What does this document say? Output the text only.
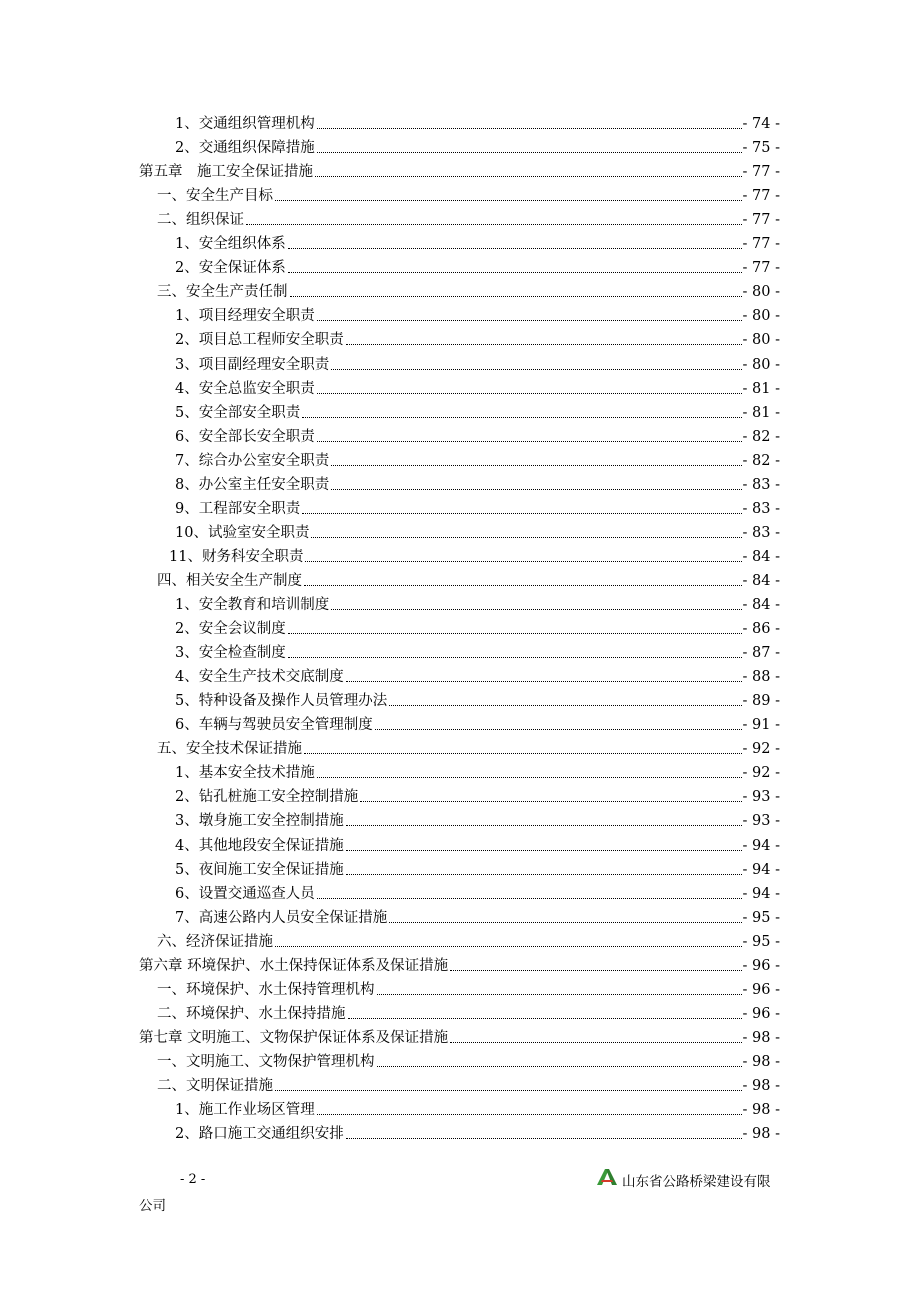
1、交通组织管理机构	- 74 -
2、交通组织保障措施	- 75 -
第五章　施工安全保证措施	- 77 -
一、安全生产目标	- 77 -
二、组织保证	- 77 -
1、安全组织体系	- 77 -
2、安全保证体系	- 77 -
三、安全生产责任制	- 80 -
1、项目经理安全职责	- 80 -
2、项目总工程师安全职责	- 80 -
3、项目副经理安全职责	- 80 -
4、安全总监安全职责	- 81 -
5、安全部安全职责	- 81 -
6、安全部长安全职责	- 82 -
7、综合办公室安全职责	- 82 -
8、办公室主任安全职责	- 83 -
9、工程部安全职责	- 83 -
10、试验室安全职责	- 83 -
11、财务科安全职责	- 84 -
四、相关安全生产制度	- 84 -
1、安全教育和培训制度	- 84 -
2、安全会议制度	- 86 -
3、安全检查制度	- 87 -
4、安全生产技术交底制度	- 88 -
5、特种设备及操作人员管理办法	- 89 -
6、车辆与驾驶员安全管理制度	- 91 -
五、安全技术保证措施	- 92 -
1、基本安全技术措施	- 92 -
2、钻孔桩施工安全控制措施	- 93 -
3、墩身施工安全控制措施	- 93 -
4、其他地段安全保证措施	- 94 -
5、夜间施工安全保证措施	- 94 -
6、设置交通巡查人员	- 94 -
7、高速公路内人员安全保证措施	- 95 -
六、经济保证措施	- 95 -
第六章 环境保护、水土保持保证体系及保证措施	- 96 -
一、环境保护、水土保持管理机构	- 96 -
二、环境保护、水土保持措施	- 96 -
第七章 文明施工、文物保护保证体系及保证措施	- 98 -
一、文明施工、文物保护管理机构	- 98 -
二、文明保证措施	- 98 -
1、施工作业场区管理	- 98 -
2、路口施工交通组织安排	- 98 -
- 2 -	山东省公路桥梁建设有限
公司
